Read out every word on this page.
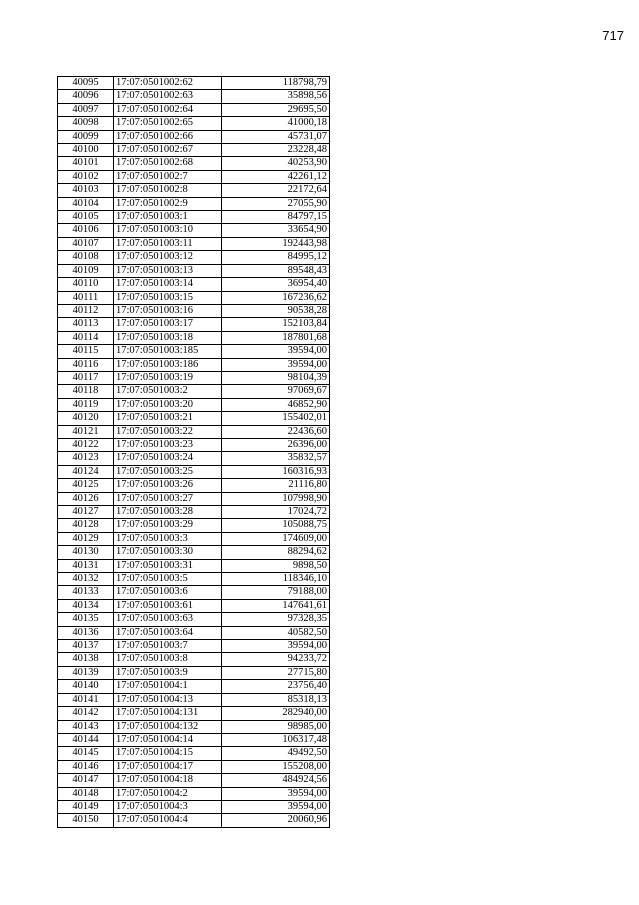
717
40095	17:07:0501002:62	118798,79
40096	17:07:0501002:63	35898,56
40097	17:07:0501002:64	29695,50
40098	17:07:0501002:65	41000,18
40099	17:07:0501002:66	45731,07
40100	17:07:0501002:67	23228,48
40101	17:07:0501002:68	40253,90
40102	17:07:0501002:7	42261,12
40103	17:07:0501002:8	22172,64
40104	17:07:0501002:9	27055,90
40105	17:07:0501003:1	84797,15
40106	17:07:0501003:10	33654,90
40107	17:07:0501003:11	192443,98
40108	17:07:0501003:12	84995,12
40109	17:07:0501003:13	89548,43
40110	17:07:0501003:14	36954,40
40111	17:07:0501003:15	167236,62
40112	17:07:0501003:16	90538,28
40113	17:07:0501003:17	152103,84
40114	17:07:0501003:18	187801,68
40115	17:07:0501003:185	39594,00
40116	17:07:0501003:186	39594,00
40117	17:07:0501003:19	98104,39
40118	17:07:0501003:2	97069,67
40119	17:07:0501003:20	46852,90
40120	17:07:0501003:21	155402,01
40121	17:07:0501003:22	22436,60
40122	17:07:0501003:23	26396,00
40123	17:07:0501003:24	35832,57
40124	17:07:0501003:25	160316,93
40125	17:07:0501003:26	21116,80
40126	17:07:0501003:27	107998,90
40127	17:07:0501003:28	17024,72
40128	17:07:0501003:29	105088,75
40129	17:07:0501003:3	174609,00
40130	17:07:0501003:30	88294,62
40131	17:07:0501003:31	9898,50
40132	17:07:0501003:5	118346,10
40133	17:07:0501003:6	79188,00
40134	17:07:0501003:61	147641,61
40135	17:07:0501003:63	97328,35
40136	17:07:0501003:64	40582,50
40137	17:07:0501003:7	39594,00
40138	17:07:0501003:8	94233,72
40139	17:07:0501003:9	27715,80
40140	17:07:0501004:1	23756,40
40141	17:07:0501004:13	85318,13
40142	17:07:0501004:131	282940,00
40143	17:07:0501004:132	98985,00
40144	17:07:0501004:14	106317,48
40145	17:07:0501004:15	49492,50
40146	17:07:0501004:17	155208,00
40147	17:07:0501004:18	484924,56
40148	17:07:0501004:2	39594,00
40149	17:07:0501004:3	39594,00
40150	17:07:0501004:4	20060,96
